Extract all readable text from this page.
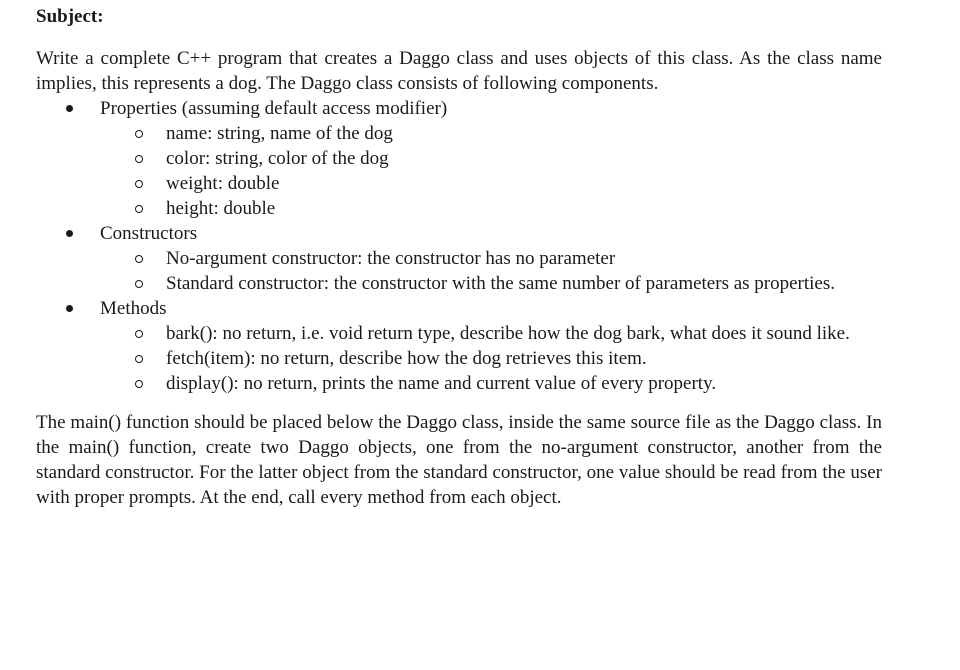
Subject:

Write a complete C++ program that creates a Daggo class and uses objects of this class. As the class name implies, this represents a dog. The Daggo class consists of following components.

Properties (assuming default access modifier)
name: string, name of the dog
color: string, color of the dog
weight: double
height: double
Constructors
No-argument constructor: the constructor has no parameter
Standard constructor: the constructor with the same number of parameters as properties.
Methods
bark(): no return, i.e. void return type, describe how the dog bark, what does it sound like.
fetch(item): no return, describe how the dog retrieves this item.
display(): no return, prints the name and current value of every property.

The main() function should be placed below the Daggo class, inside the same source file as the Daggo class. In the main() function, create two Daggo objects, one from the no-argument constructor, another from the standard constructor. For the latter object from the standard constructor, one value should be read from the user with proper prompts. At the end, call every method from each object.
